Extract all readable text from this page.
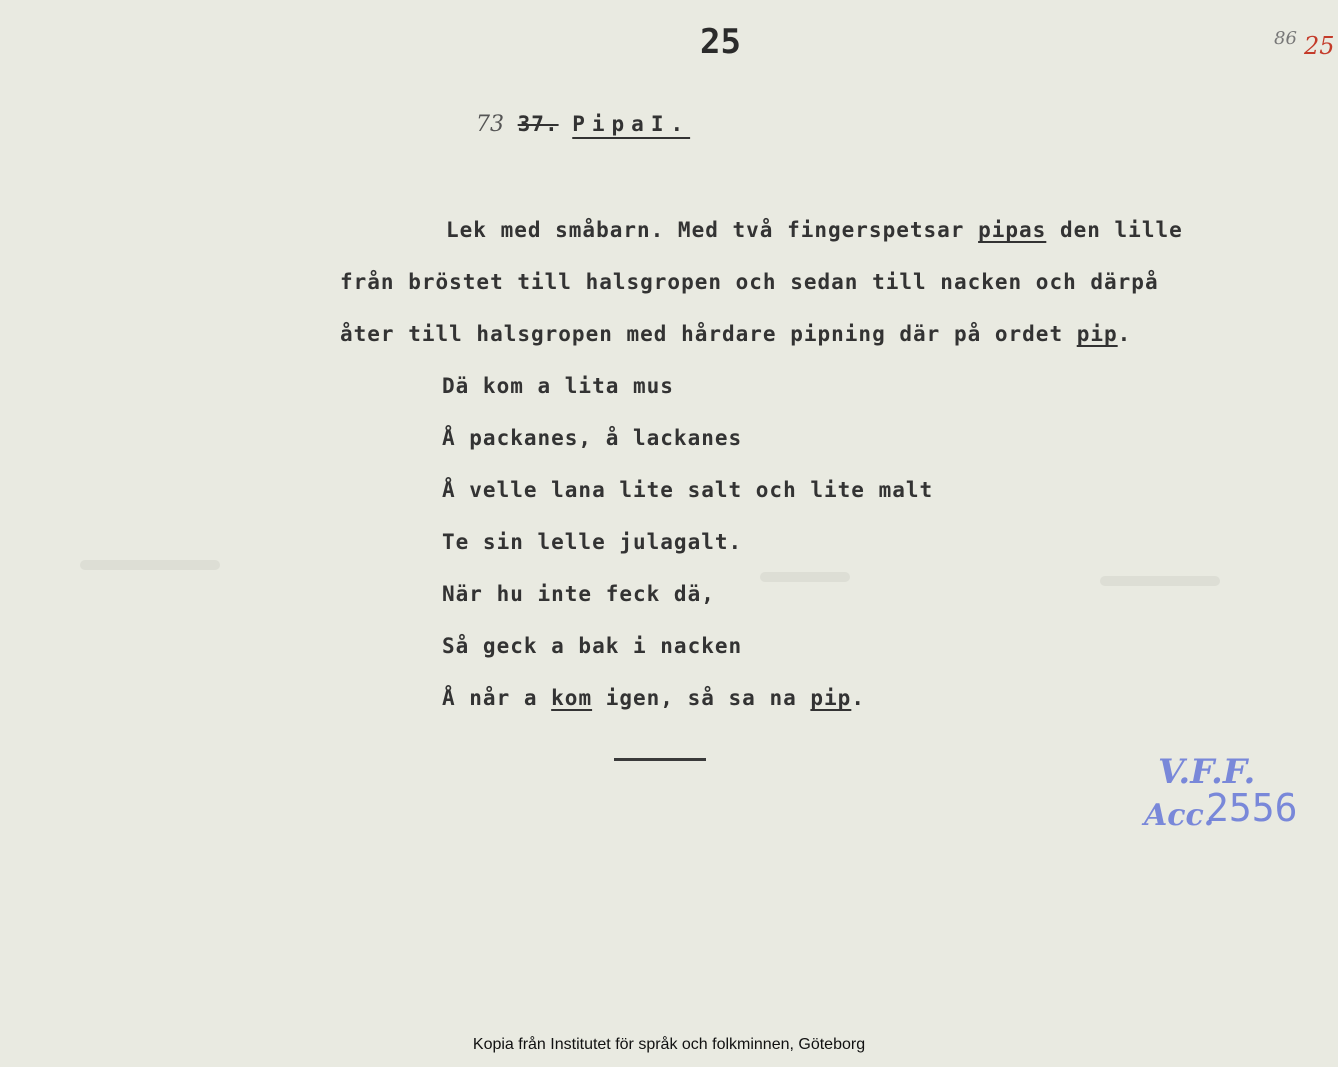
25	86 25
73 37. PipaI.
Lek med småbarn. Med två fingerspetsar pipas den lille
från bröstet till halsgropen och sedan till nacken och därpå
åter till halsgropen med hårdare pipning där på ordet pip.
Dä kom a lita mus
Å packanes, å lackanes
Å velle lana lite salt och lite malt
Te sin lelle julagalt.
När hu inte feck dä,
Så geck a bak i nacken
Å når a kom igen, så sa na pip.
V.F.F.
Acc.
2556
Kopia från Institutet för språk och folkminnen, Göteborg
